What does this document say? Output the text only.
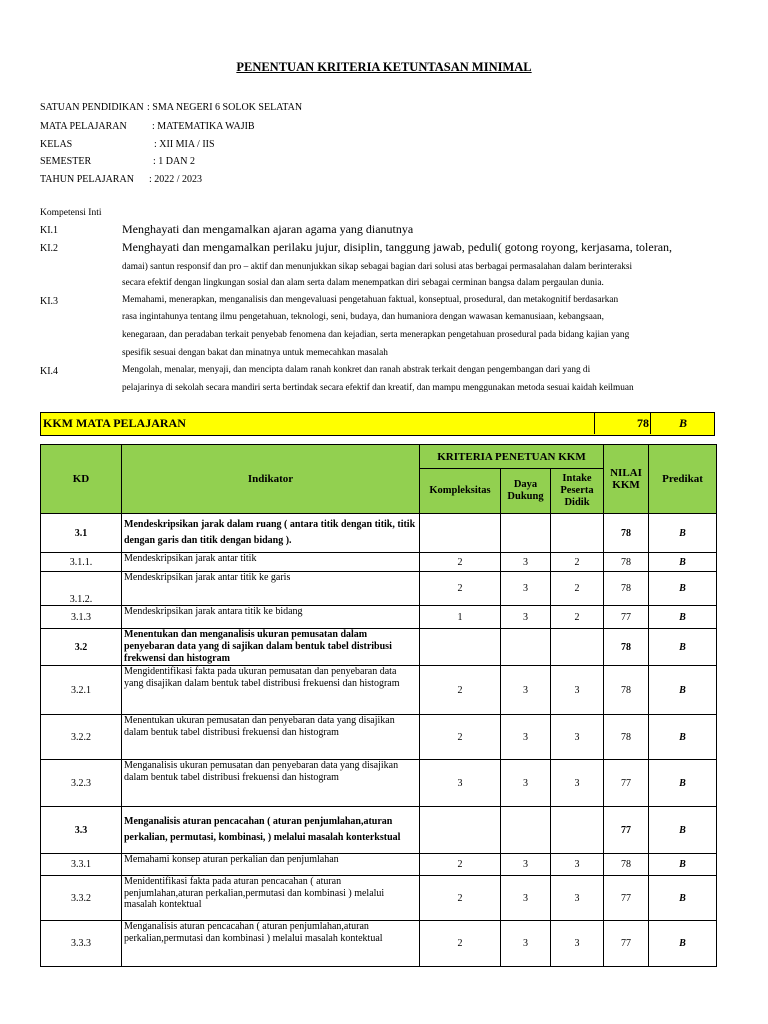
PENENTUAN KRITERIA KETUNTASAN MINIMAL
SATUAN PENDIDIKAN : SMA NEGERI 6 SOLOK SELATAN
MATA PELAJARAN	: MATEMATIKA WAJIB
KELAS	: XII MIA / IIS
SEMESTER	: 1 DAN 2
TAHUN PELAJARAN : 2022 / 2023
Kompetensi Inti
KI.1	Menghayati dan mengamalkan ajaran agama yang dianutnya
KI.2	Menghayati dan mengamalkan perilaku jujur, disiplin, tanggung jawab, peduli( gotong royong, kerjasama, toleran,
damai) santun responsif dan pro – aktif dan menunjukkan sikap sebagai bagian dari solusi atas berbagai permasalahan dalam berinteraksi
secara efektif dengan lingkungan sosial dan alam serta dalam menempatkan diri sebagai cerminan bangsa dalam pergaulan dunia.
KI.3	Memahami, menerapkan, menganalisis dan mengevaluasi pengetahuan faktual, konseptual, prosedural, dan metakognitif berdasarkan
rasa ingintahunya tentang ilmu pengetahuan, teknologi, seni, budaya, dan humaniora dengan wawasan kemanusiaan, kebangsaan,
kenegaraan, dan peradaban terkait penyebab fenomena dan kejadian, serta menerapkan pengetahuan prosedural pada bidang kajian yang
spesifik sesuai dengan bakat dan minatnya untuk memecahkan masalah
KI.4	Mengolah, menalar, menyaji, dan mencipta dalam ranah konkret dan ranah abstrak terkait dengan pengembangan dari yang di
pelajarinya di sekolah secara mandiri serta bertindak secara efektif dan kreatif, dan mampu menggunakan metoda sesuai kaidah keilmuan
KKM MATA PELAJARAN	78	B
KD	Indikator	KRITERIA PENETUAN KKM			NILAI KKM	Predikat
		Kompleksitas	Daya Dukung	Intake Peserta Didik		
3.1	Mendeskripsikan jarak dalam ruang ( antara titik dengan titik, titik dengan garis dan titik dengan bidang ).				78	B
3.1.1.	Mendeskripsikan jarak antar titik	2	3	2	78	B
3.1.2.	Mendeskripsikan jarak antar titik ke garis	2	3	2	78	B
3.1.3	Mendeskripsikan jarak antara titik ke bidang	1	3	2	77	B
3.2	Menentukan dan menganalisis ukuran pemusatan dalam penyebaran data yang di sajikan dalam bentuk tabel distribusi frekwensi dan histogram				78	B
3.2.1	Mengidentifikasi fakta pada ukuran pemusatan dan penyebaran data yang disajikan dalam bentuk tabel distribusi frekuensi dan histogram	2	3	3	78	B
3.2.2	Menentukan ukuran pemusatan dan penyebaran data yang disajikan dalam bentuk tabel distribusi frekuensi dan histogram	2	3	3	78	B
3.2.3	Menganalisis ukuran pemusatan dan penyebaran data yang disajikan dalam bentuk tabel distribusi frekuensi dan histogram	3	3	3	77	B
3.3	Menganalisis aturan pencacahan ( aturan penjumlahan,aturan perkalian, permutasi, kombinasi, ) melalui masalah konterkstual				77	B
3.3.1	Memahami konsep aturan perkalian dan penjumlahan	2	3	3	78	B
3.3.2	Menidentifikasi fakta pada aturan pencacahan ( aturan penjumlahan,aturan perkalian,permutasi dan kombinasi ) melalui masalah kontektual	2	3	3	77	B
3.3.3	Menganalisis aturan pencacahan ( aturan penjumlahan,aturan perkalian,permutasi dan kombinasi ) melalui masalah kontektual	2	3	3	77	B
